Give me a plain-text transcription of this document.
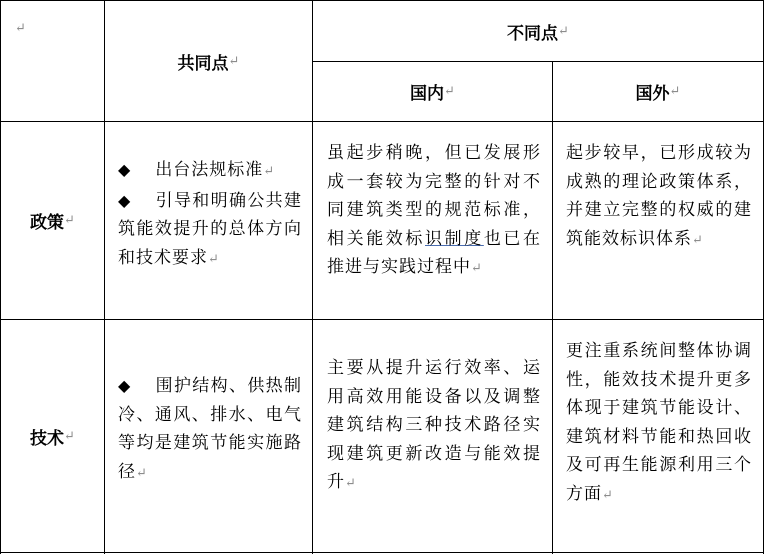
↵
共同点 ↵
不同点 ↵
国内 ↵	国外 ↵
政策 ↵
◆ 出台法规标准↵
◆ 引导和明确公共建筑能效提升的总体方向和技术要求↵
虽起步稍晚，但已发展形成一套较为完整的针对不同建筑类型的规范标准，相关能效标识制度也已在推进与实践过程中↵
起步较早，已形成较为成熟的理论政策体系，并建立完整的权威的建筑能效标识体系↵
技术 ↵
◆ 围护结构、供热制冷、通风、排水、电气等均是建筑节能实施路径↵
主要从提升运行效率、运用高效用能设备以及调整建筑结构三种技术路径实现建筑更新改造与能效提升↵
更注重系统间整体协调性，能效技术提升更多体现于建筑节能设计、建筑材料节能和热回收及可再生能源利用三个方面↵
